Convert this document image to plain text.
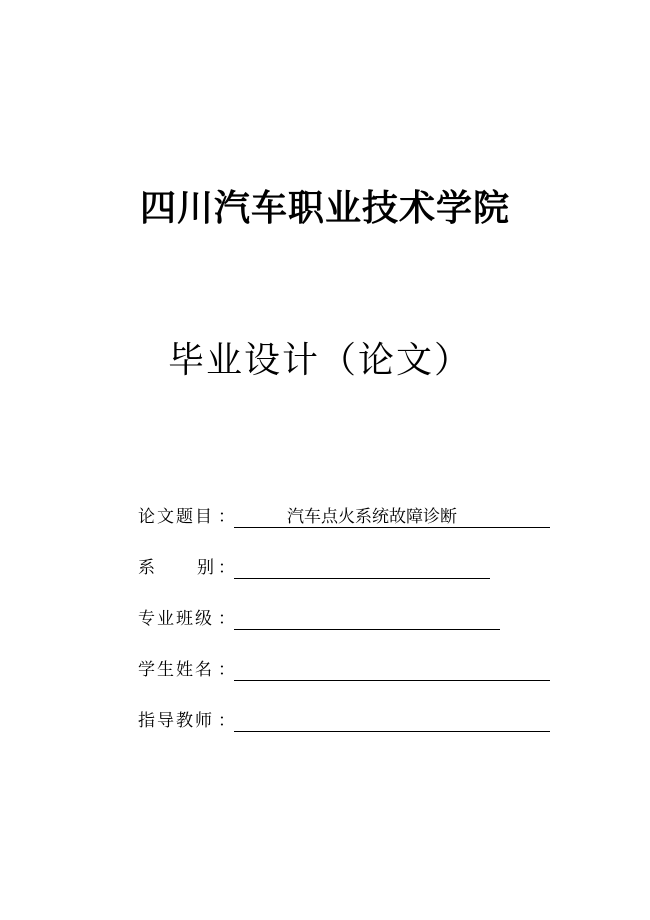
四川汽车职业技术学院
毕业设计（论文）
论文题目 ：	汽车点火系统故障诊断
系 别 ：
专业班级 ：
学生姓名 ：
指导教师 ：
